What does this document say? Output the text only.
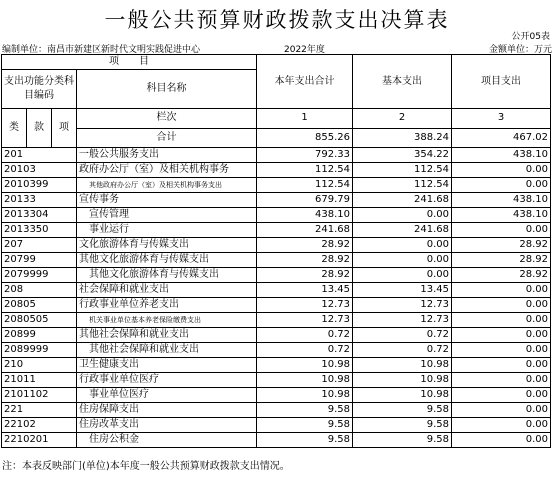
一般公共预算财政拨款支出决算表
公开05表
编制单位：南昌市新建区新时代文明实践促进中心	2022年度	金额单位：万元
项　　目				本年支出合计	基本支出	项目支出
支出功能分类科目编码			科目名称			

类	款	项				
			栏次	1	2	3
			合计	855.26	388.24	467.02
201			一般公共服务支出	792.33	354.22	438.10
20103			政府办公厅（室）及相关机构事务	112.54	112.54	0.00
2010399			其他政府办公厅（室）及相关机构事务支出	112.54	112.54	0.00
20133			宣传事务	679.79	241.68	438.10
2013304			宣传管理	438.10	0.00	438.10
2013350			事业运行	241.68	241.68	0.00
207			文化旅游体育与传媒支出	28.92	0.00	28.92
20799			其他文化旅游体育与传媒支出	28.92	0.00	28.92
2079999			其他文化旅游体育与传媒支出	28.92	0.00	28.92
208			社会保障和就业支出	13.45	13.45	0.00
20805			行政事业单位养老支出	12.73	12.73	0.00
2080505			机关事业单位基本养老保险缴费支出	12.73	12.73	0.00
20899			其他社会保障和就业支出	0.72	0.72	0.00
2089999			其他社会保障和就业支出	0.72	0.72	0.00
210			卫生健康支出	10.98	10.98	0.00
21011			行政事业单位医疗	10.98	10.98	0.00
2101102			事业单位医疗	10.98	10.98	0.00
221			住房保障支出	9.58	9.58	0.00
22102			住房改革支出	9.58	9.58	0.00
2210201			住房公积金	9.58	9.58	0.00
注：本表反映部门(单位)本年度一般公共预算财政拨款支出情况。
